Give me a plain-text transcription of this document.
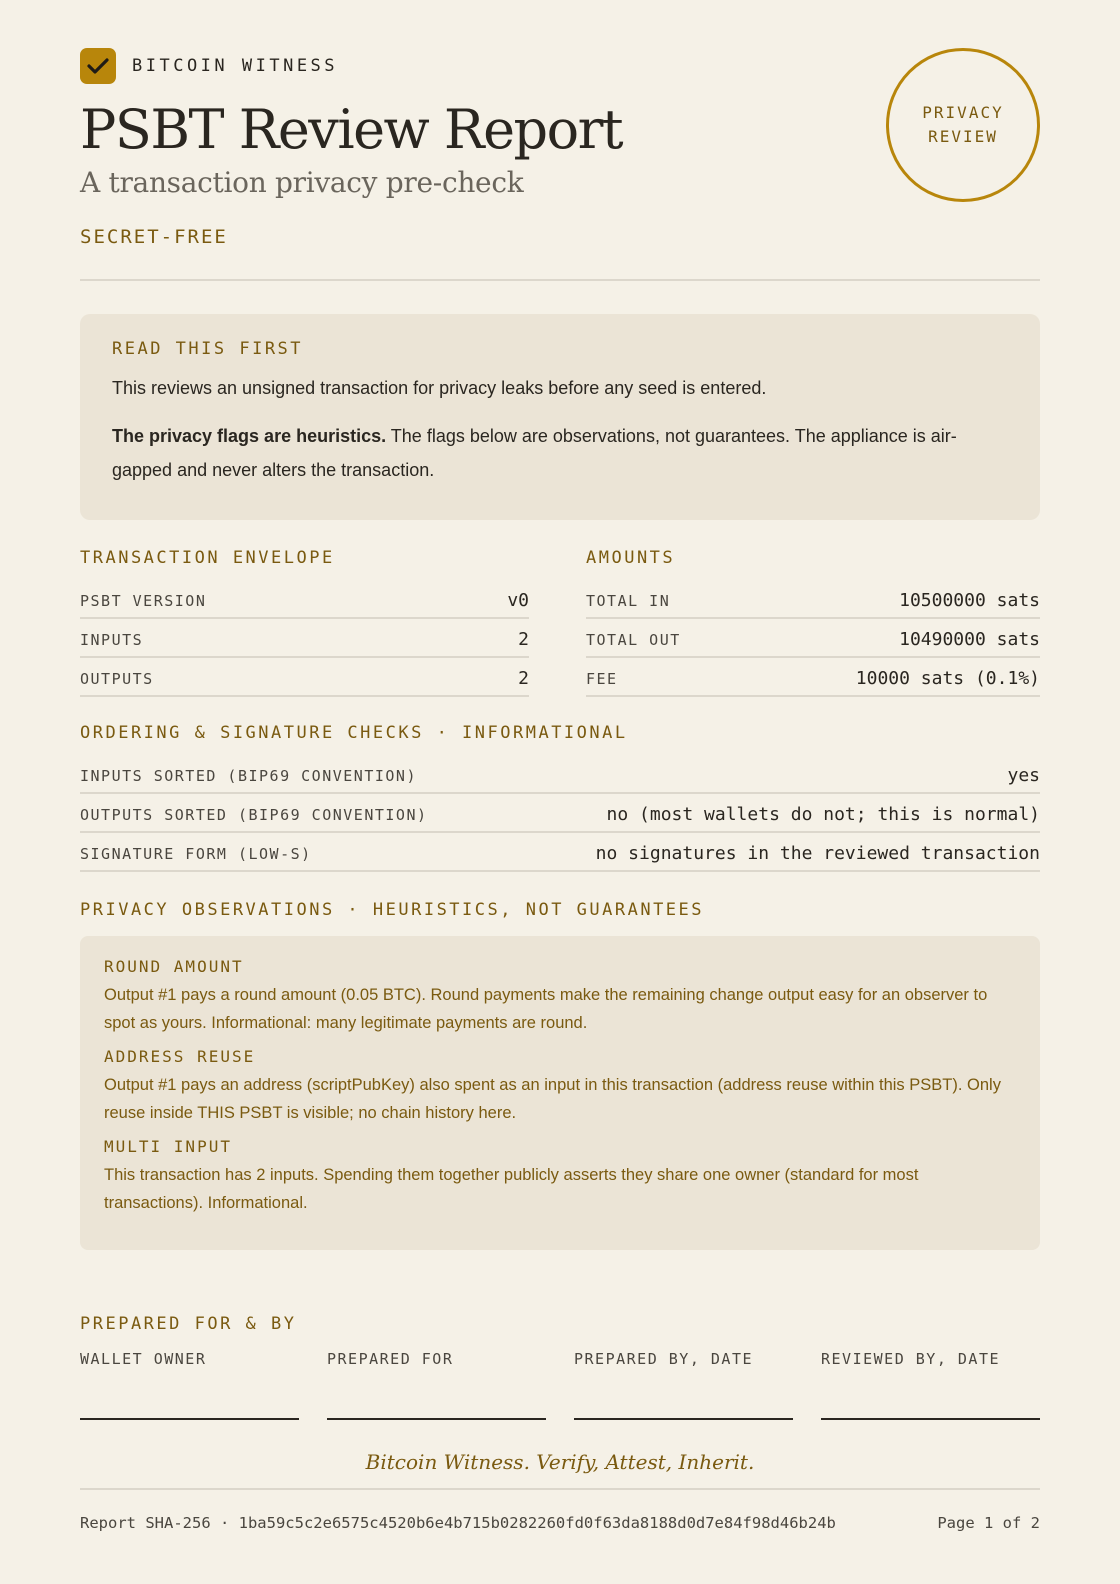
BITCOIN WITNESS
PSBT Review Report
A transaction privacy pre-check
SECRET-FREE
PRIVACY
REVIEW
READ THIS FIRST

This reviews an unsigned transaction for privacy leaks before any seed is entered.

The privacy flags are heuristics. The flags below are observations, not guarantees. The appliance is air-gapped and never alters the transaction.

TRANSACTION ENVELOPE
PSBT VERSION	v0
INPUTS	2
OUTPUTS	2
AMOUNTS
TOTAL IN	10500000 sats
TOTAL OUT	10490000 sats
FEE	10000 sats (0.1%)
ORDERING & SIGNATURE CHECKS · INFORMATIONAL
INPUTS SORTED (BIP69 CONVENTION)	yes
OUTPUTS SORTED (BIP69 CONVENTION)	no (most wallets do not; this is normal)
SIGNATURE FORM (LOW-S)	no signatures in the reviewed transaction
PRIVACY OBSERVATIONS · HEURISTICS, NOT GUARANTEES
ROUND AMOUNT
Output #1 pays a round amount (0.05 BTC). Round payments make the remaining change output easy for an observer to spot as yours. Informational: many legitimate payments are round.
ADDRESS REUSE
Output #1 pays an address (scriptPubKey) also spent as an input in this transaction (address reuse within this PSBT). Only reuse inside THIS PSBT is visible; no chain history here.
MULTI INPUT
This transaction has 2 inputs. Spending them together publicly asserts they share one owner (standard for most transactions). Informational.
PREPARED FOR & BY
WALLET OWNER	PREPARED FOR	PREPARED BY, DATE	REVIEWED BY, DATE
Bitcoin Witness. Verify, Attest, Inherit.
Report SHA-256 · 1ba59c5c2e6575c4520b6e4b715b0282260fd0f63da8188d0d7e84f98d46b24b	Page 1 of 2
